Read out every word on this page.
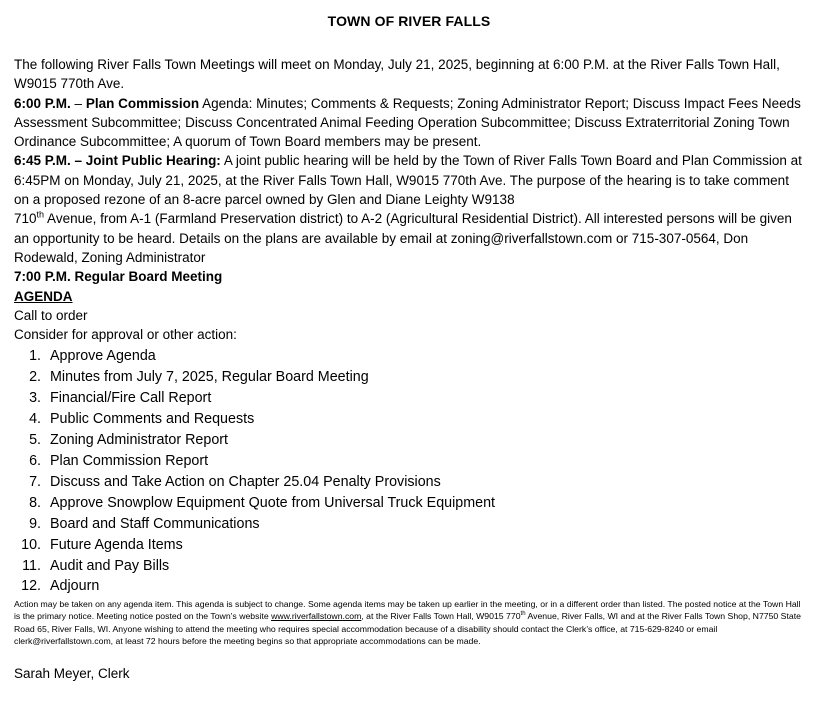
TOWN OF RIVER FALLS

The following River Falls Town Meetings will meet on Monday, July 21, 2025, beginning at 6:00 P.M. at the River Falls Town Hall, W9015 770th Ave.

6:00 P.M. – Plan Commission Agenda: Minutes; Comments & Requests; Zoning Administrator Report; Discuss Impact Fees Needs Assessment Subcommittee; Discuss Concentrated Animal Feeding Operation Subcommittee; Discuss Extraterritorial Zoning Town Ordinance Subcommittee; A quorum of Town Board members may be present.

6:45 P.M. – Joint Public Hearing: A joint public hearing will be held by the Town of River Falls Town Board and Plan Commission at 6:45PM on Monday, July 21, 2025, at the River Falls Town Hall, W9015 770th Ave. The purpose of the hearing is to take comment on a proposed rezone of an 8-acre parcel owned by Glen and Diane Leighty W9138
710th Avenue, from A-1 (Farmland Preservation district) to A-2 (Agricultural Residential District). All interested persons will be given an opportunity to be heard. Details on the plans are available by email at zoning@riverfallstown.com or 715-307-0564, Don Rodewald, Zoning Administrator

7:00 P.M. Regular Board Meeting

AGENDA

Call to order

Consider for approval or other action:

1. Approve Agenda
2. Minutes from July 7, 2025, Regular Board Meeting
3. Financial/Fire Call Report
4. Public Comments and Requests
5. Zoning Administrator Report
6. Plan Commission Report
7. Discuss and Take Action on Chapter 25.04 Penalty Provisions
8. Approve Snowplow Equipment Quote from Universal Truck Equipment
9. Board and Staff Communications
10. Future Agenda Items
11. Audit and Pay Bills
12. Adjourn
Action may be taken on any agenda item. This agenda is subject to change. Some agenda items may be taken up earlier in the meeting, or in a different order than listed. The posted notice at the Town Hall is the primary notice. Meeting notice posted on the Town’s website www.riverfallstown.com, at the River Falls Town Hall, W9015 770th Avenue, River Falls, WI and at the River Falls Town Shop, N7750 State Road 65, River Falls, WI. Anyone wishing to attend the meeting who requires special accommodation because of a disability should contact the Clerk’s office, at 715-629-8240 or email clerk@riverfallstown.com, at least 72 hours before the meeting begins so that appropriate accommodations can be made.
Sarah Meyer, Clerk
